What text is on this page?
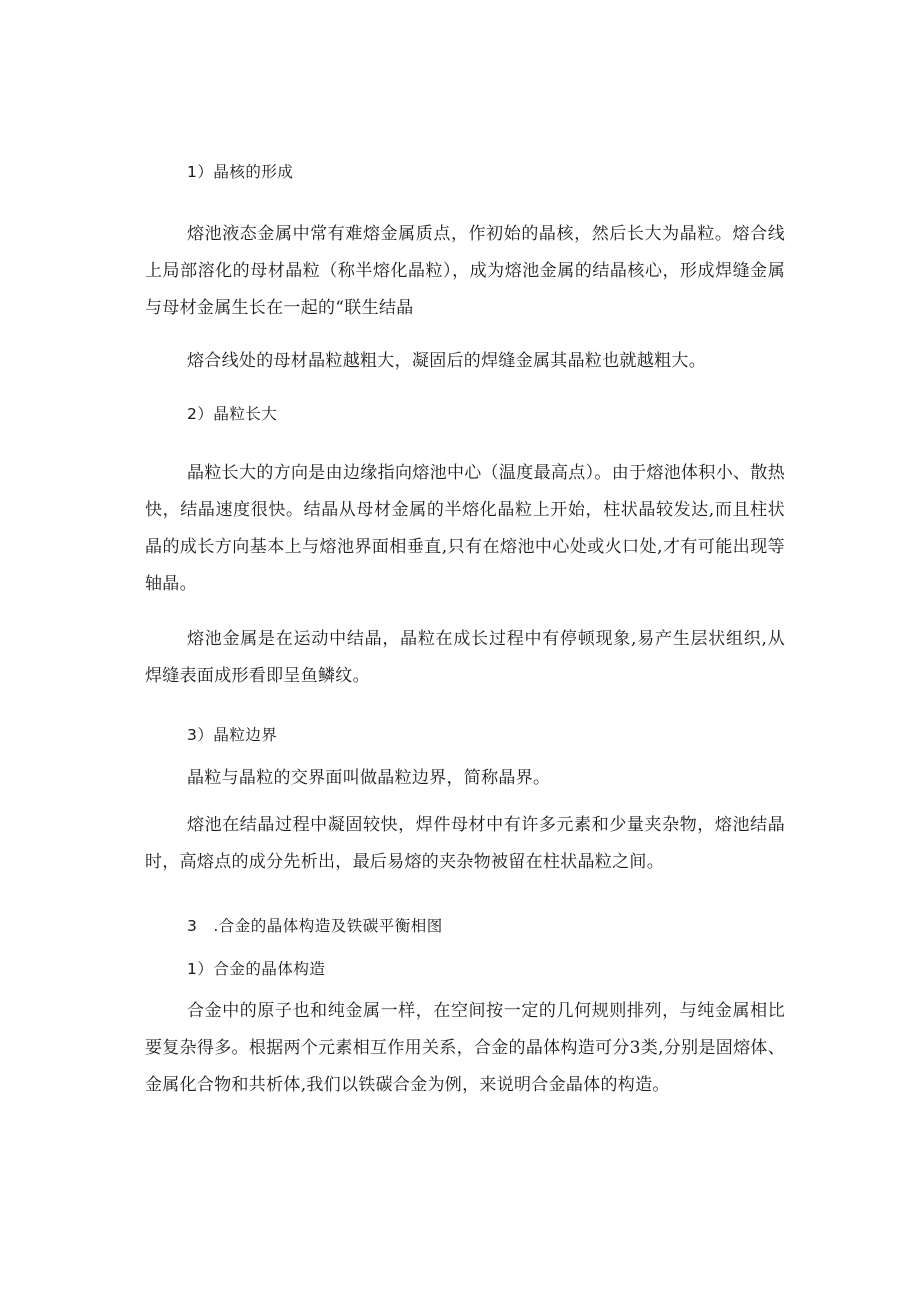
1）晶核的形成

熔池液态金属中常有难熔金属质点，作初始的晶核，然后长大为晶粒。熔合线上局部溶化的母材晶粒（称半熔化晶粒），成为熔池金属的结晶核心，形成焊缝金属与母材金属生长在一起的“联生结晶

熔合线处的母材晶粒越粗大，凝固后的焊缝金属其晶粒也就越粗大。

2）晶粒长大

晶粒长大的方向是由边缘指向熔池中心（温度最高点）。由于熔池体积小、散热快，结晶速度很快。结晶从母材金属的半熔化晶粒上开始，柱状晶较发达,而且柱状晶的成长方向基本上与熔池界面相垂直,只有在熔池中心处或火口处,才有可能出现等轴晶。

熔池金属是在运动中结晶，晶粒在成长过程中有停顿现象,易产生层状组织,从焊缝表面成形看即呈鱼鳞纹。

3）晶粒边界

晶粒与晶粒的交界面叫做晶粒边界，简称晶界。

熔池在结晶过程中凝固较快，焊件母材中有许多元素和少量夹杂物，熔池结晶时，高熔点的成分先析出，最后易熔的夹杂物被留在柱状晶粒之间。

3　.合金的晶体构造及铁碳平衡相图
1）合金的晶体构造

合金中的原子也和纯金属一样，在空间按一定的几何规则排列，与纯金属相比要复杂得多。根据两个元素相互作用关系，合金的晶体构造可分3类,分别是固熔体、金属化合物和共析体,我们以铁碳合金为例，来说明合金晶体的构造。
